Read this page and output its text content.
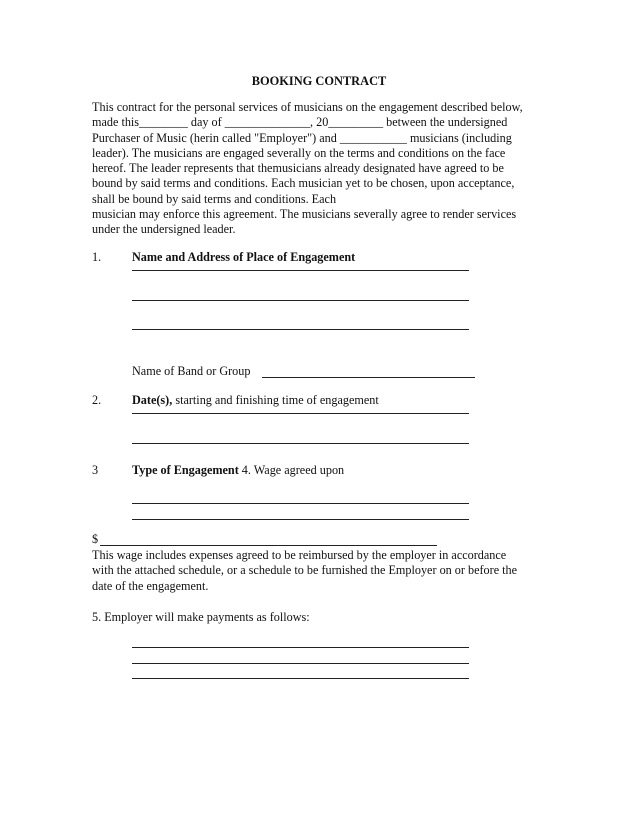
BOOKING CONTRACT
This contract for the personal services of musicians on the engagement described below,
made this________ day of ______________, 20_________ between the undersigned
Purchaser of Music (herin called "Employer") and ___________ musicians (including
leader). The musicians are engaged severally on the terms and conditions on the face
hereof. The leader represents that themusicians already designated have agreed to be
bound by said terms and conditions. Each musician yet to be chosen, upon acceptance,
shall be bound by said terms and conditions. Each
musician may enforce this agreement. The musicians severally agree to render services
under the undersigned leader.
1.	Name and Address of Place of Engagement
Name of Band or Group
2.	Date(s), starting and finishing time of engagement
3	Type of Engagement 4. Wage agreed upon
$
This wage includes expenses agreed to be reimbursed by the employer in accordance
with the attached schedule, or a schedule to be furnished the Employer on or before the
date of the engagement.
5. Employer will make payments as follows:
